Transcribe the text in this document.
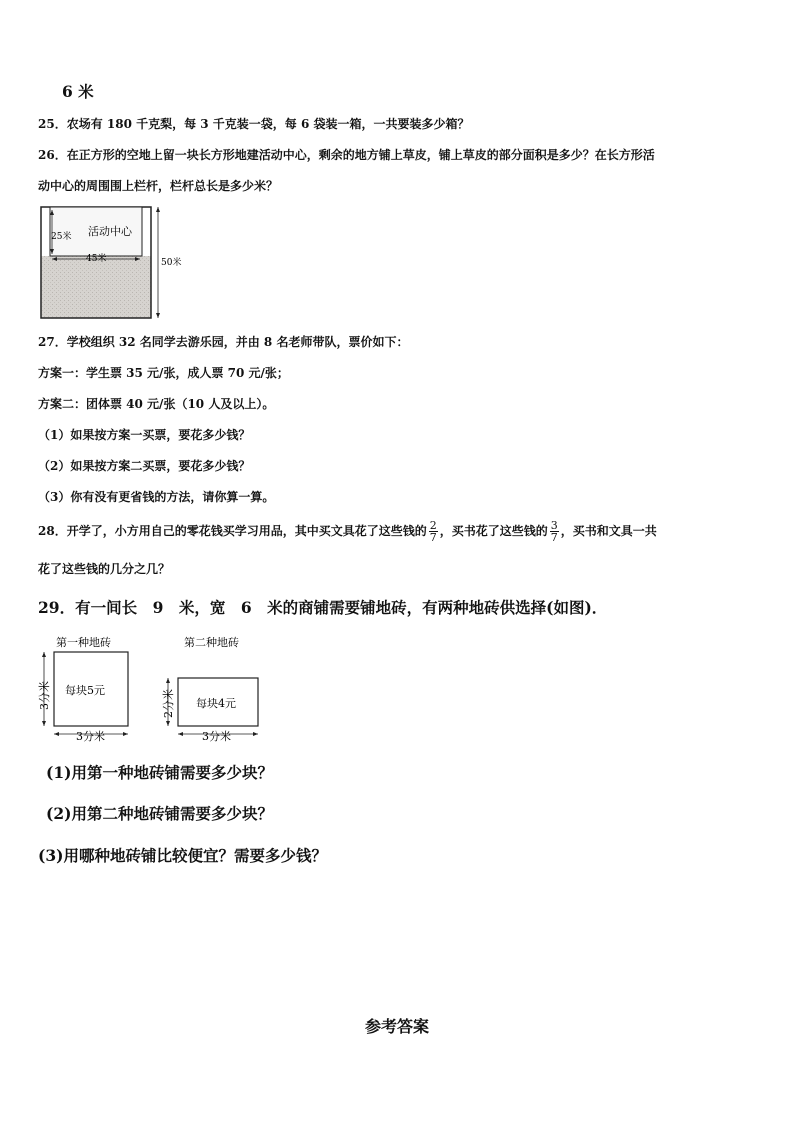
6 米
25．农场有 180 千克梨，每 3 千克装一袋，每 6 袋装一箱，一共要装多少箱？
26．在正方形的空地上留一块长方形地建活动中心，剩余的地方铺上草皮，铺上草皮的部分面积是多少？在长方形活
动中心的周围围上栏杆，栏杆总长是多少米？
活动中心
25米
45米	50米
27．学校组织 32 名同学去游乐园，并由 8 名老师带队，票价如下：
方案一：学生票 35 元/张，成人票 70 元/张；
方案二：团体票 40 元/张（10 人及以上）。
（1）如果按方案一买票，要花多少钱？
（2）如果按方案二买票，要花多少钱？
（3）你有没有更省钱的方法，请你算一算。
28．开学了，小方用自己的零花钱买学习用品，其中买文具花了这些钱的 $\frac{2}{7}$ ，买书花了这些钱的 $\frac{3}{7}$ ，买书和文具一共
花了这些钱的几分之几？
29．有一间长　9　米，宽　6　米的商铺需要铺地砖，有两种地砖供选择(如图)．
第一种地砖
每块5元
3分米
3分米
第二种地砖
每块4元
2分米
3分米
(1)用第一种地砖铺需要多少块？
(2)用第二种地砖铺需要多少块？
(3)用哪种地砖铺比较便宜？需要多少钱？
参考答案
